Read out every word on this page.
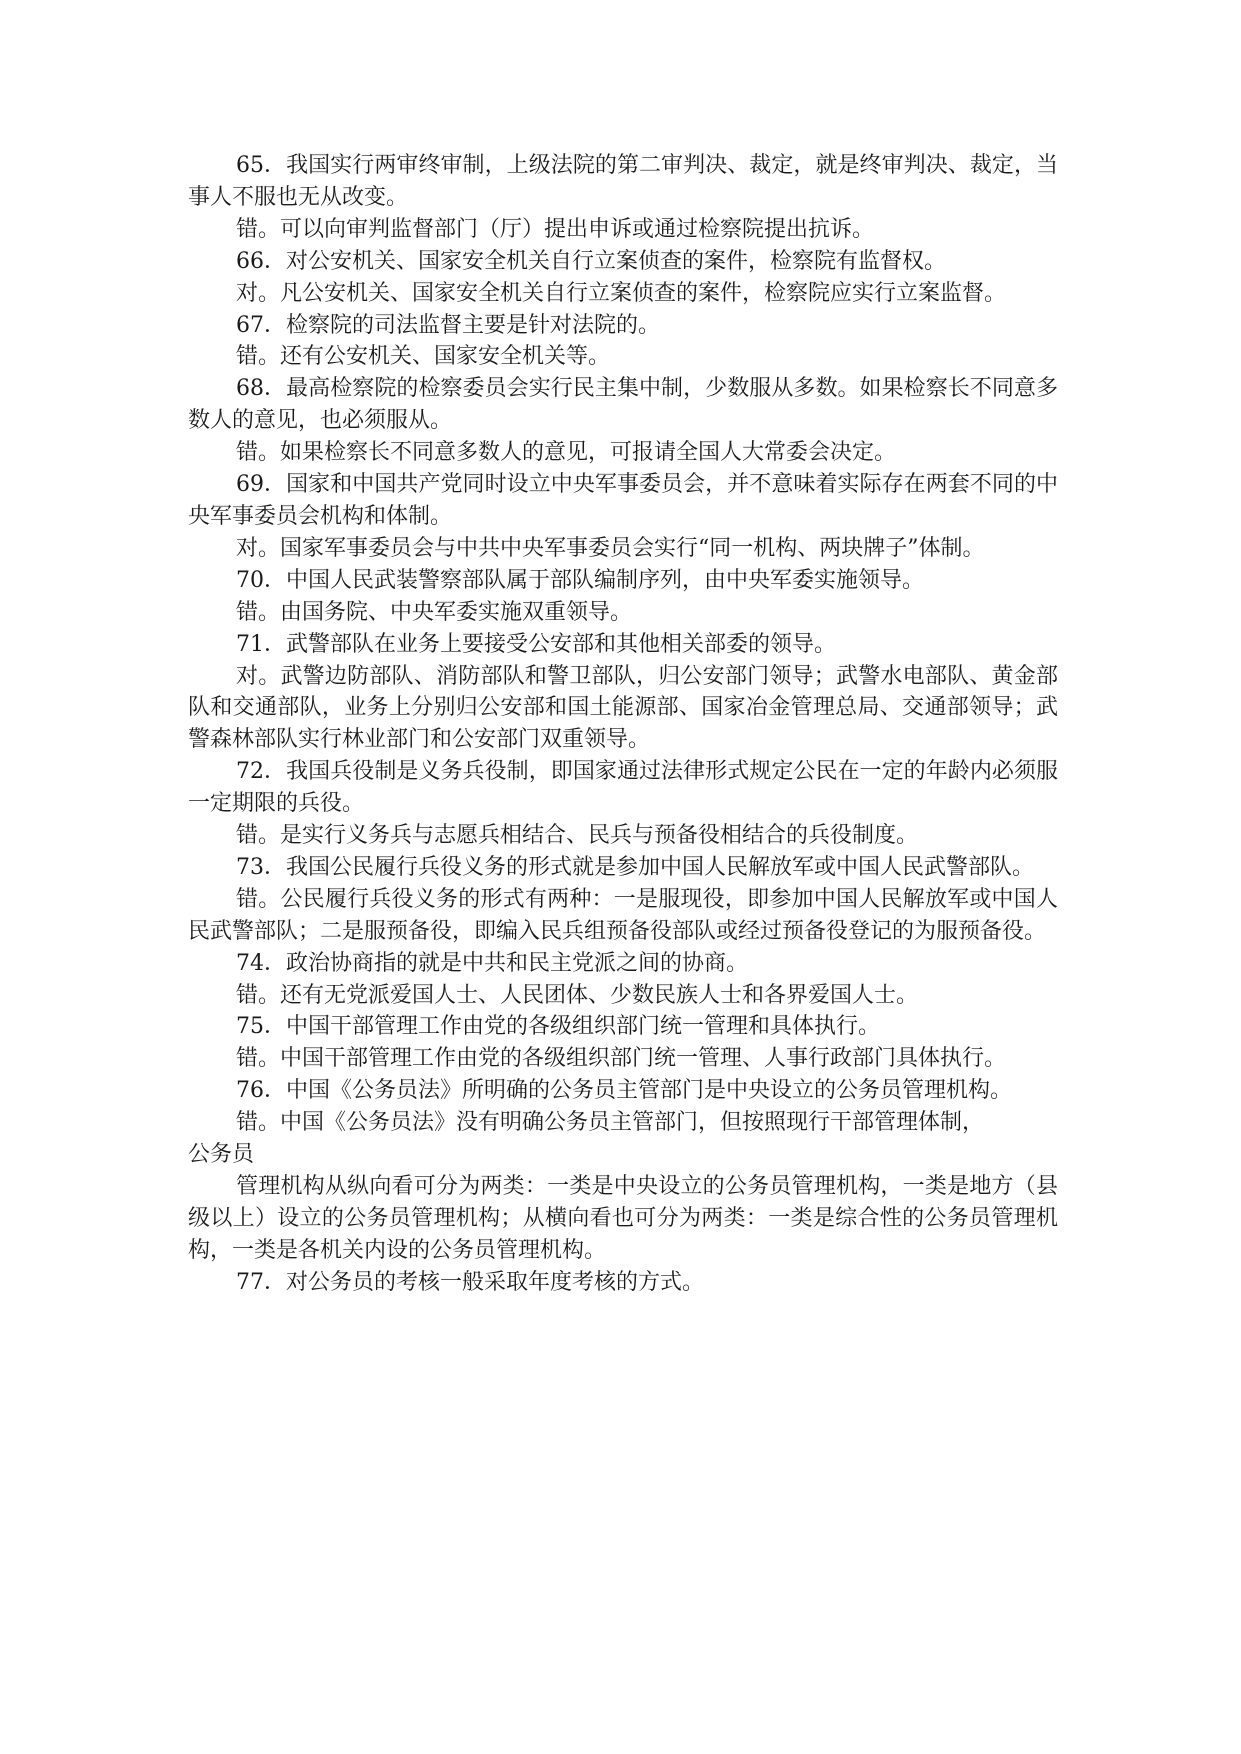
65．我国实行两审终审制，上级法院的第二审判决、裁定，就是终审判决、裁定，当事人不服也无从改变。

错。可以向审判监督部门（厅）提出申诉或通过检察院提出抗诉。

66．对公安机关、国家安全机关自行立案侦查的案件，检察院有监督权。

对。凡公安机关、国家安全机关自行立案侦查的案件，检察院应实行立案监督。

67．检察院的司法监督主要是针对法院的。

错。还有公安机关、国家安全机关等。

68．最高检察院的检察委员会实行民主集中制，少数服从多数。如果检察长不同意多数人的意见，也必须服从。

错。如果检察长不同意多数人的意见，可报请全国人大常委会决定。

69．国家和中国共产党同时设立中央军事委员会，并不意味着实际存在两套不同的中央军事委员会机构和体制。

对。国家军事委员会与中共中央军事委员会实行“同一机构、两块牌子”体制。

70．中国人民武装警察部队属于部队编制序列，由中央军委实施领导。

错。由国务院、中央军委实施双重领导。

71．武警部队在业务上要接受公安部和其他相关部委的领导。

对。武警边防部队、消防部队和警卫部队，归公安部门领导；武警水电部队、黄金部队和交通部队，业务上分别归公安部和国土能源部、国家冶金管理总局、交通部领导；武警森林部队实行林业部门和公安部门双重领导。

72．我国兵役制是义务兵役制，即国家通过法律形式规定公民在一定的年龄内必须服一定期限的兵役。

错。是实行义务兵与志愿兵相结合、民兵与预备役相结合的兵役制度。

73．我国公民履行兵役义务的形式就是参加中国人民解放军或中国人民武警部队。

错。公民履行兵役义务的形式有两种：一是服现役，即参加中国人民解放军或中国人民武警部队；二是服预备役，即编入民兵组预备役部队或经过预备役登记的为服预备役。

74．政治协商指的就是中共和民主党派之间的协商。

错。还有无党派爱国人士、人民团体、少数民族人士和各界爱国人士。

75．中国干部管理工作由党的各级组织部门统一管理和具体执行。

错。中国干部管理工作由党的各级组织部门统一管理、人事行政部门具体执行。

76．中国《公务员法》所明确的公务员主管部门是中央设立的公务员管理机构。

错。中国《公务员法》没有明确公务员主管部门，但按照现行干部管理体制，

公务员

管理机构从纵向看可分为两类：一类是中央设立的公务员管理机构，一类是地方（县级以上）设立的公务员管理机构；从横向看也可分为两类：一类是综合性的公务员管理机构，一类是各机关内设的公务员管理机构。

77．对公务员的考核一般采取年度考核的方式。
